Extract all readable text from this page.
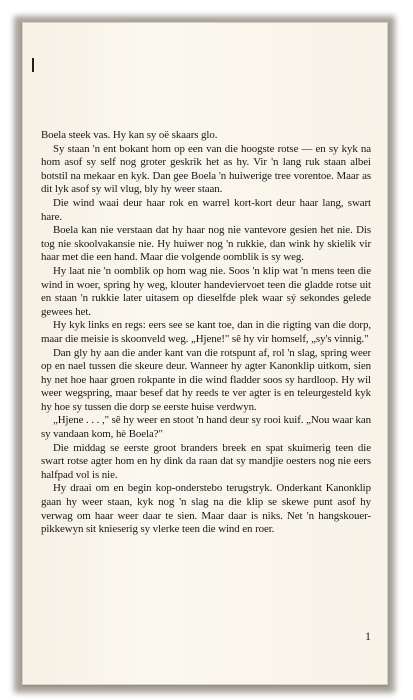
Boela steek vas. Hy kan sy oë skaars glo.

Sy staan 'n ent bokant hom op een van die hoogste rotse — en sy kyk na hom asof sy self nog groter geskrik het as hy. Vir 'n lang ruk staan albei botstil na mekaar en kyk. Dan gee Boela 'n huiwerige tree vorentoe. Maar as dit lyk asof sy wil vlug, bly hy weer staan.

Die wind waai deur haar rok en warrel kort-kort deur haar lang, swart hare.

Boela kan nie verstaan dat hy haar nog nie vantevore gesien het nie. Dis tog nie skoolvakansie nie. Hy huiwer nog 'n rukkie, dan wink hy skielik vir haar met die een hand. Maar die volgende oomblik is sy weg.

Hy laat nie 'n oomblik op hom wag nie. Soos 'n klip wat 'n mens teen die wind in woer, spring hy weg, klouter handeviervoet teen die gladde rotse uit en staan 'n rukkie later uitasem op dieselfde plek waar sý sekondes gelede gewees het.

Hy kyk links en regs: eers see se kant toe, dan in die rigting van die dorp, maar die meisie is skoonveld weg. „Hjene!" sê hy vir homself, „sy's vinnig."

Dan gly hy aan die ander kant van die rotspunt af, rol 'n slag, spring weer op en nael tussen die skeure deur. Wanneer hy agter Kanonklip uitkom, sien hy net hoe haar groen rokpante in die wind fladder soos sy hardloop. Hy wil weer wegspring, maar besef dat hy reeds te ver agter is en teleurgesteld kyk hy hoe sy tussen die dorp se eerste huise verdwyn.

„Hjene . . . ," sê hy weer en stoot 'n hand deur sy rooi kuif. „Nou waar kan sy vandaan kom, hè Boela?"

Die middag se eerste groot branders breek en spat skuimerig teen die swart rotse agter hom en hy dink da raan dat sy mandjie oesters nog nie eers halfpad vol is nie.

Hy draai om en begin kop-onderstebo terugstryk. Onderkant Kanonklip gaan hy weer staan, kyk nog 'n slag na die klip se skewe punt asof hy verwag om haar weer daar te sien. Maar daar is niks. Net 'n hangskouer-pikkewyn sit knieserig sy vlerke teen die wind en roer.

1
